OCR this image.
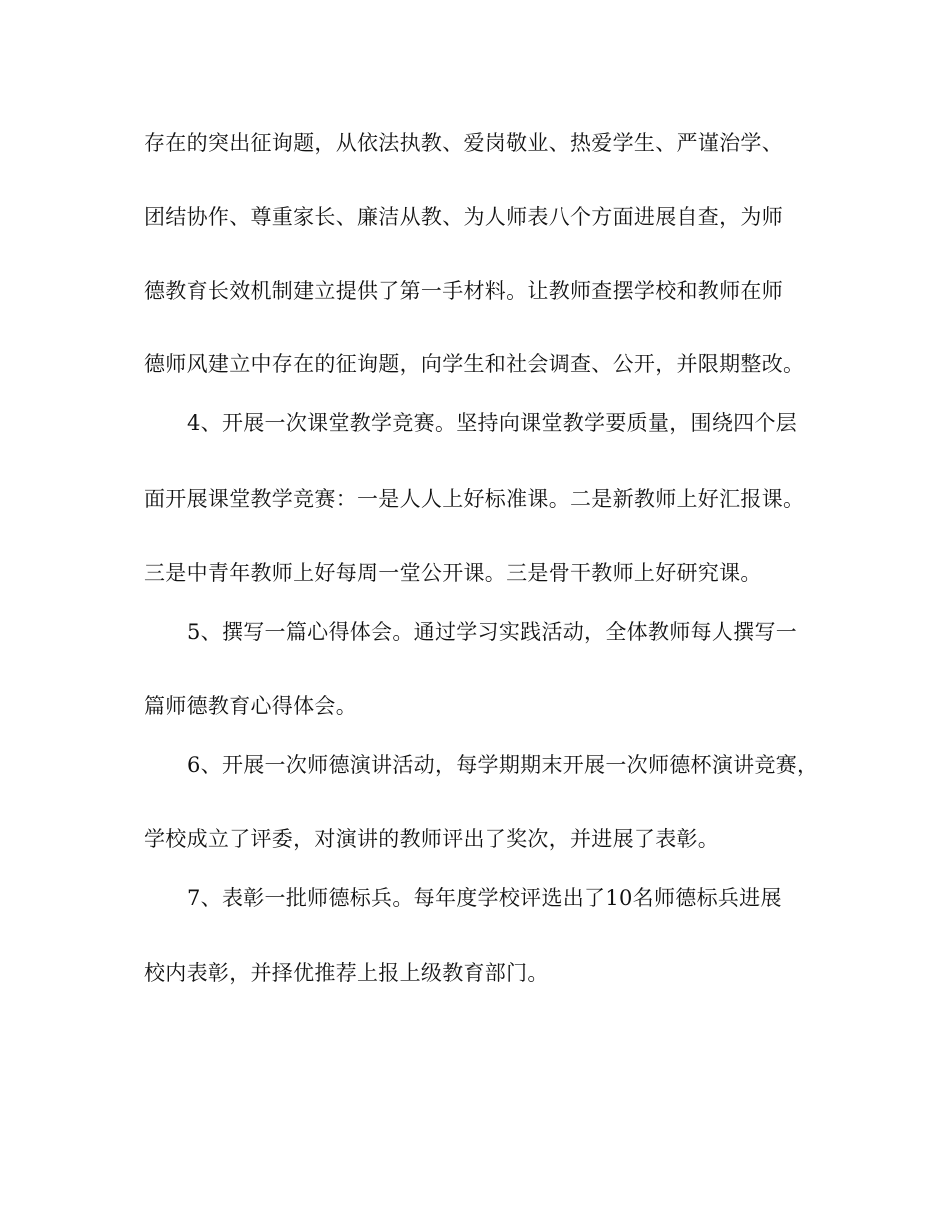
存在的突出征询题，从依法执教、爱岗敬业、热爱学生、严谨治学、
团结协作、尊重家长、廉洁从教、为人师表八个方面进展自查，为师
德教育长效机制建立提供了第一手材料。让教师查摆学校和教师在师
德师风建立中存在的征询题，向学生和社会调查、公开，并限期整改。
4、开展一次课堂教学竞赛。坚持向课堂教学要质量，围绕四个层
面开展课堂教学竞赛：一是人人上好标准课。二是新教师上好汇报课。
三是中青年教师上好每周一堂公开课。三是骨干教师上好研究课。
5、撰写一篇心得体会。通过学习实践活动，全体教师每人撰写一
篇师德教育心得体会。
6、开展一次师德演讲活动，每学期期末开展一次师德杯演讲竞赛，
学校成立了评委，对演讲的教师评出了奖次，并进展了表彰。
7、表彰一批师德标兵。每年度学校评选出了10名师德标兵进展
校内表彰，并择优推荐上报上级教育部门。
